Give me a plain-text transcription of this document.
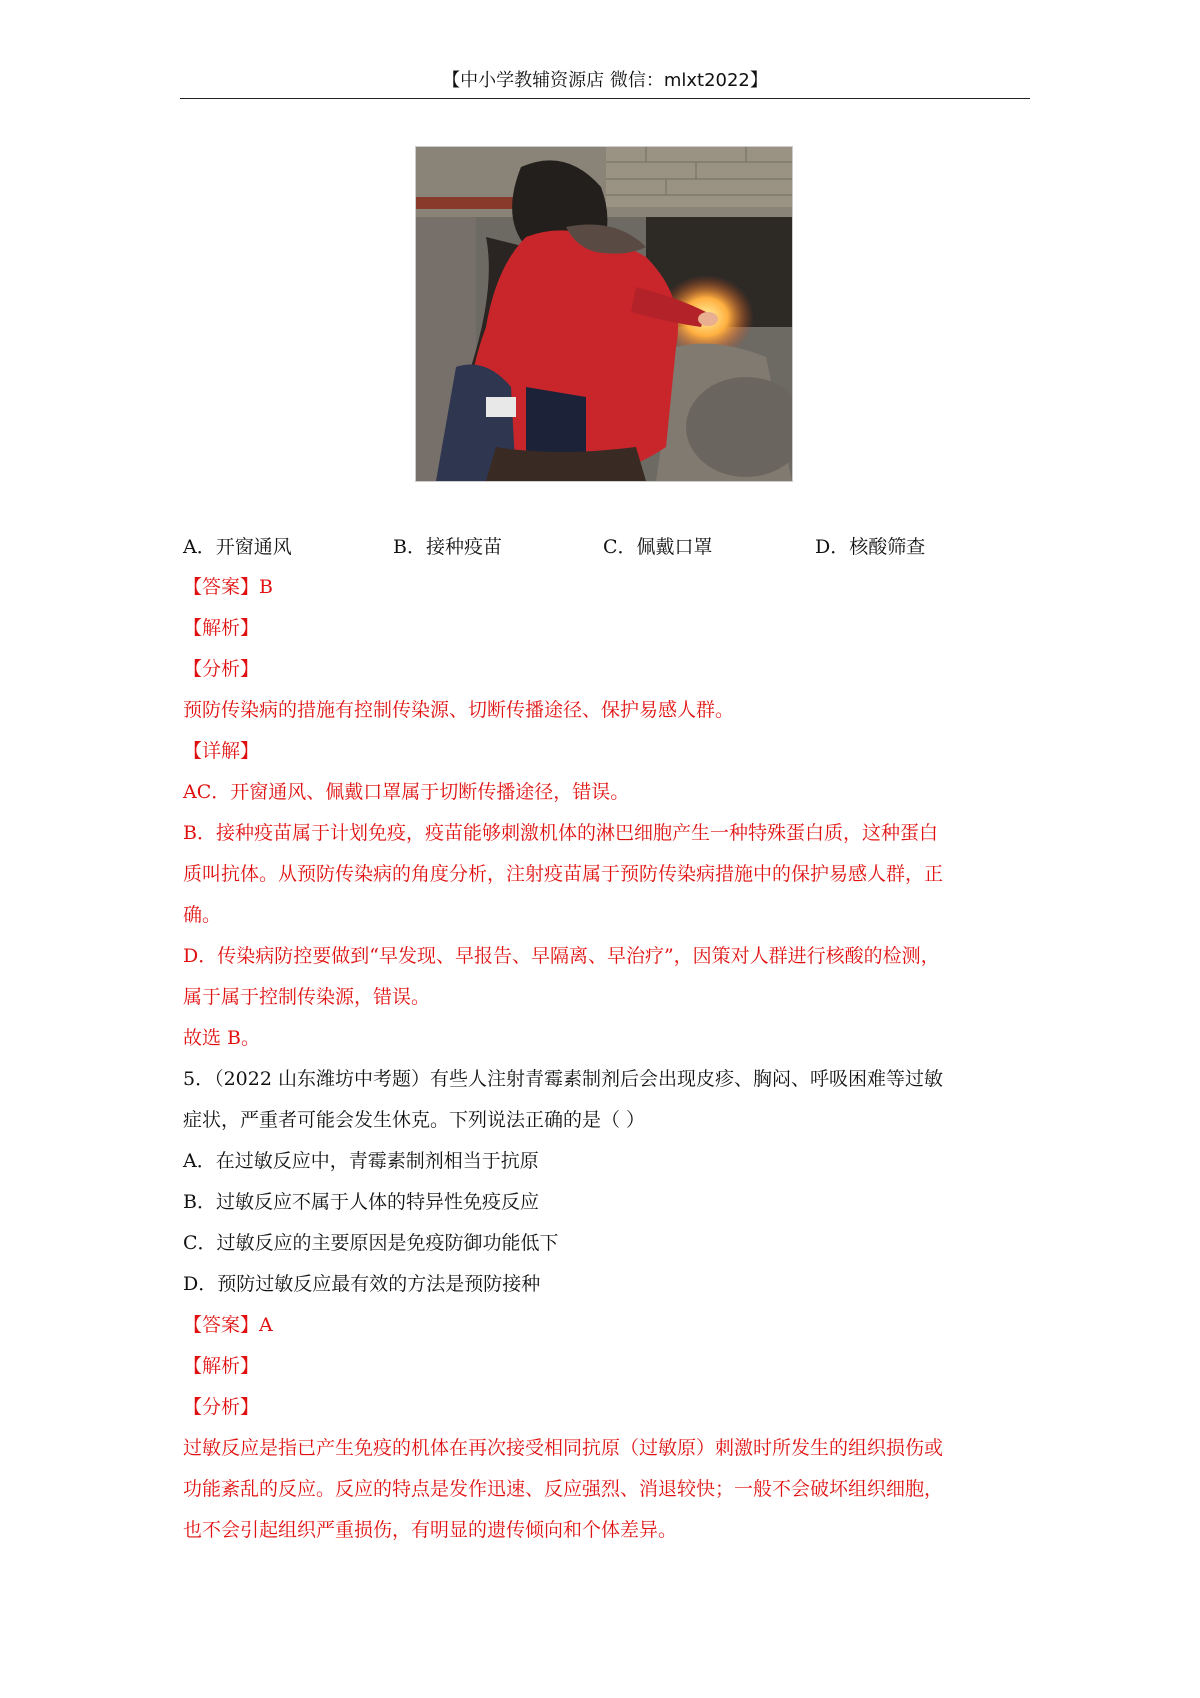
【中小学教辅资源店 微信：mlxt2022】
A．开窗通风	B．接种疫苗	C．佩戴口罩	D．核酸筛查
【答案】B
【解析】
【分析】
预防传染病的措施有控制传染源、切断传播途径、保护易感人群。
【详解】
AC．开窗通风、佩戴口罩属于切断传播途径，错误。
B．接种疫苗属于计划免疫，疫苗能够刺激机体的淋巴细胞产生一种特殊蛋白质，这种蛋白
质叫抗体。从预防传染病的角度分析，注射疫苗属于预防传染病措施中的保护易感人群，正
确。
D．传染病防控要做到“早发现、早报告、早隔离、早治疗”，因策对人群进行核酸的检测，
属于属于控制传染源，错误。
故选 B。
5．（2022 山东潍坊中考题）有些人注射青霉素制剂后会出现皮疹、胸闷、呼吸困难等过敏
症状，严重者可能会发生休克。下列说法正确的是（ ）
A．在过敏反应中，青霉素制剂相当于抗原
B．过敏反应不属于人体的特异性免疫反应
C．过敏反应的主要原因是免疫防御功能低下
D．预防过敏反应最有效的方法是预防接种
【答案】A
【解析】
【分析】
过敏反应是指已产生免疫的机体在再次接受相同抗原（过敏原）刺激时所发生的组织损伤或
功能紊乱的反应。反应的特点是发作迅速、反应强烈、消退较快；一般不会破坏组织细胞，
也不会引起组织严重损伤，有明显的遗传倾向和个体差异。
